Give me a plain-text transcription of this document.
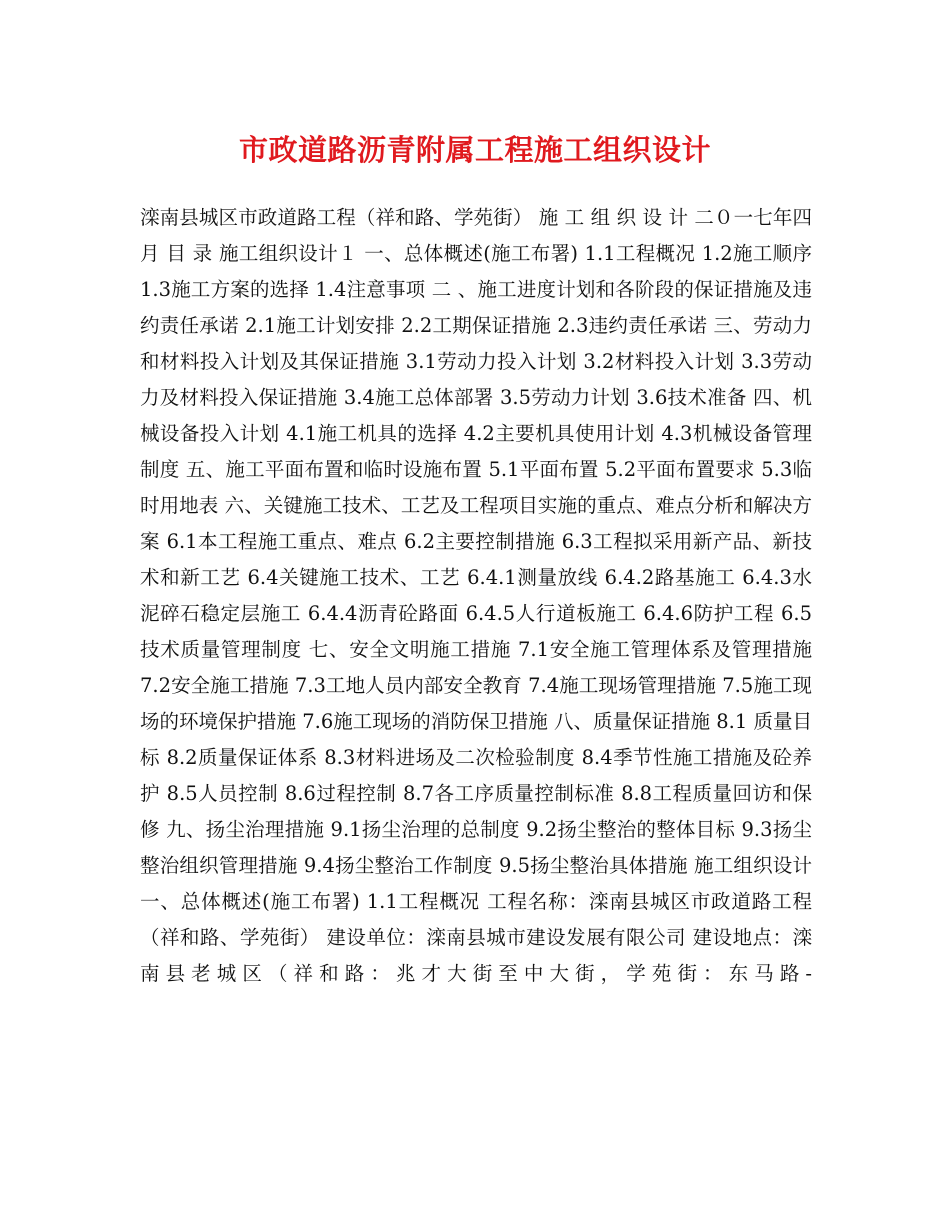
市政道路沥青附属工程施工组织设计

滦南县城区市政道路工程（祥和路、学苑街） 施 工 组 织 设 计 二０一七年四月 目 录 施工组织设计１ 一、总体概述(施工布署) 1.1工程概况 1.2施工顺序 1.3施工方案的选择 1.4注意事项 二 、施工进度计划和各阶段的保证措施及违约责任承诺 2.1施工计划安排 2.2工期保证措施 2.3违约责任承诺 三、劳动力和材料投入计划及其保证措施 3.1劳动力投入计划 3.2材料投入计划 3.3劳动力及材料投入保证措施 3.4施工总体部署 3.5劳动力计划 3.6技术准备 四、机械设备投入计划 4.1施工机具的选择 4.2主要机具使用计划 4.3机械设备管理制度 五、施工平面布置和临时设施布置 5.1平面布置 5.2平面布置要求 5.3临时用地表 六、关键施工技术、工艺及工程项目实施的重点、难点分析和解决方案 6.1本工程施工重点、难点 6.2主要控制措施 6.3工程拟采用新产品、新技术和新工艺 6.4关键施工技术、工艺 6.4.1测量放线 6.4.2路基施工 6.4.3水泥碎石稳定层施工 6.4.4沥青砼路面 6.4.5人行道板施工 6.4.6防护工程 6.5技术质量管理制度 七、安全文明施工措施 7.1安全施工管理体系及管理措施 7.2安全施工措施 7.3工地人员内部安全教育 7.4施工现场管理措施 7.5施工现场的环境保护措施 7.6施工现场的消防保卫措施 八、质量保证措施 8.1 质量目标 8.2质量保证体系 8.3材料进场及二次检验制度 8.4季节性施工措施及砼养护 8.5人员控制 8.6过程控制 8.7各工序质量控制标准 8.8工程质量回访和保修 九、扬尘治理措施 9.1扬尘治理的总制度 9.2扬尘整治的整体目标 9.3扬尘整治组织管理措施 9.4扬尘整治工作制度 9.5扬尘整治具体措施 施工组织设计 一、总体概述(施工布署) 1.1工程概况 工程名称：滦南县城区市政道路工程（祥和路、学苑街） 建设单位：滦南县城市建设发展有限公司 建设地点：滦南县老城区（祥和路：兆才大街至中大街，学苑街：东马路-
